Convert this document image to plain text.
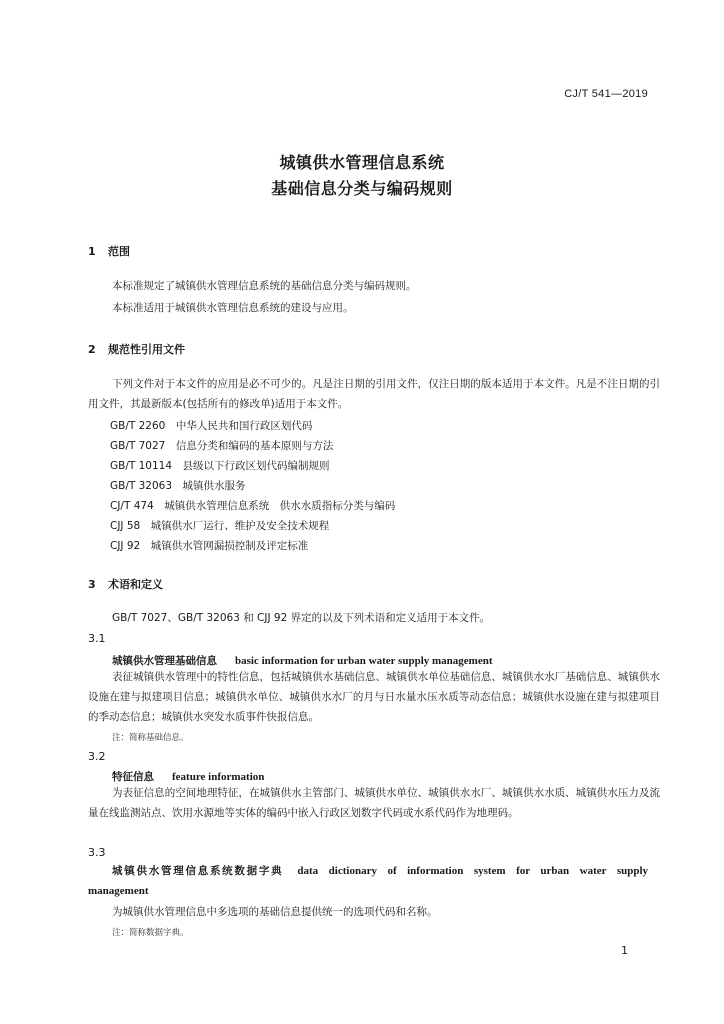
CJ/T 541—2019
城镇供水管理信息系统
基础信息分类与编码规则
1 范围
本标准规定了城镇供水管理信息系统的基础信息分类与编码规则。
本标准适用于城镇供水管理信息系统的建设与应用。
2 规范性引用文件
下列文件对于本文件的应用是必不可少的。凡是注日期的引用文件，仅注日期的版本适用于本文件。凡是不注日期的引用文件，其最新版本(包括所有的修改单)适用于本文件。
GB/T 2260　中华人民共和国行政区划代码
GB/T 7027　信息分类和编码的基本原则与方法
GB/T 10114　县级以下行政区划代码编制规则
GB/T 32063　城镇供水服务
CJ/T 474　城镇供水管理信息系统　供水水质指标分类与编码
CJJ 58　城镇供水厂运行、维护及安全技术规程
CJJ 92　城镇供水管网漏损控制及评定标准
3 术语和定义
GB/T 7027、GB/T 32063 和 CJJ 92 界定的以及下列术语和定义适用于本文件。
3.1
城镇供水管理基础信息 basic information for urban water supply management
表征城镇供水管理中的特性信息，包括城镇供水基础信息、城镇供水单位基础信息、城镇供水水厂基础信息、城镇供水设施在建与拟建项目信息；城镇供水单位、城镇供水水厂的月与日水量水压水质等动态信息；城镇供水设施在建与拟建项目的季动态信息；城镇供水突发水质事件快报信息。
注：简称基础信息。
3.2
特征信息 feature information
为表征信息的空间地理特征，在城镇供水主管部门、城镇供水单位、城镇供水水厂、城镇供水水质、城镇供水压力及流量在线监测站点、饮用水源地等实体的编码中嵌入行政区划数字代码或水系代码作为地理码。
3.3
城镇供水管理信息系统数据字典 data dictionary of information system for urban water supply management
为城镇供水管理信息中多选项的基础信息提供统一的选项代码和名称。
注：简称数据字典。
1
